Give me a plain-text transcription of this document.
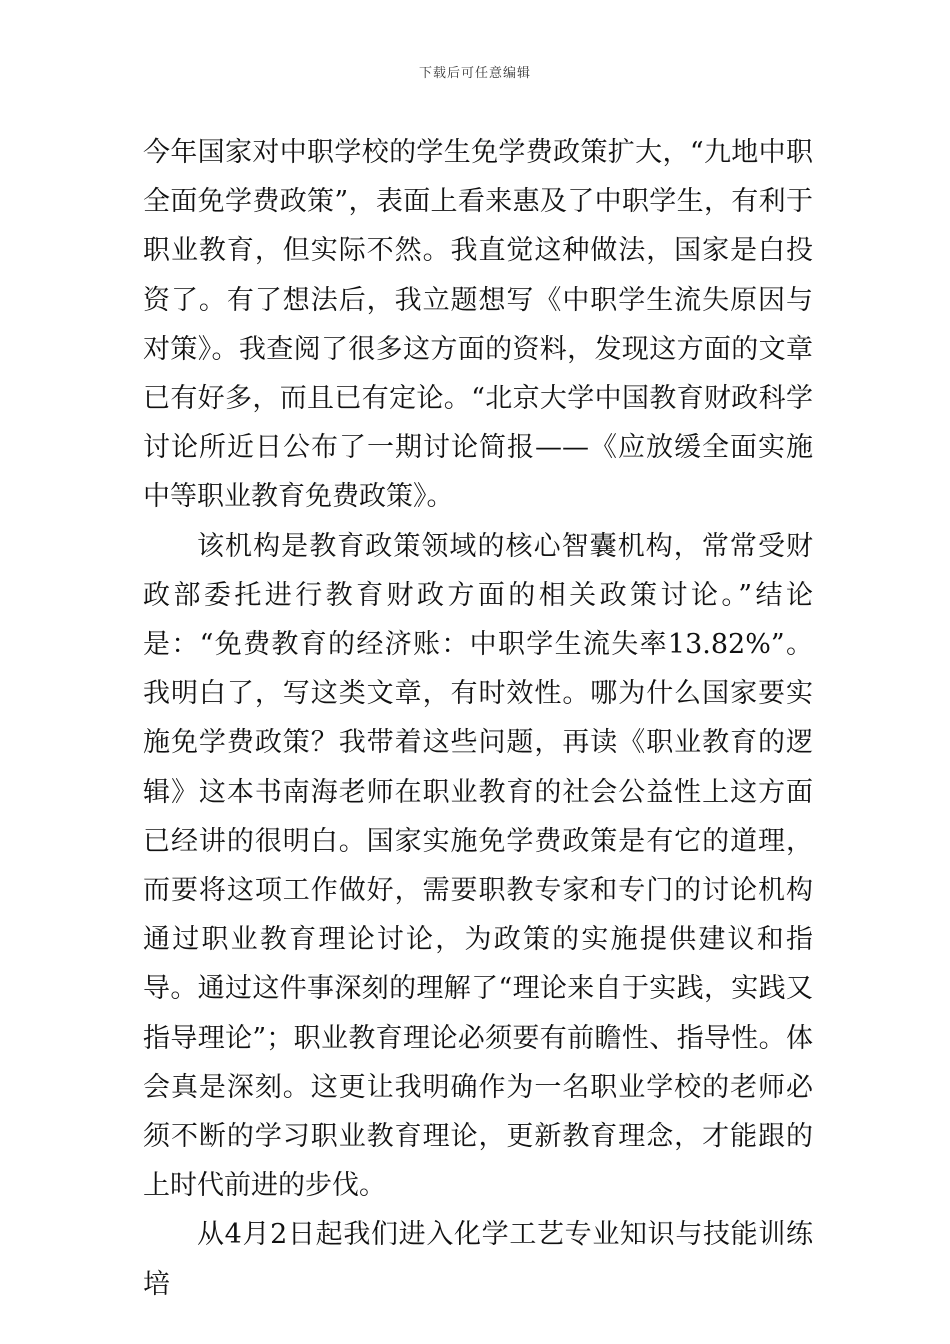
下载后可任意编辑

今年国家对中职学校的学生免学费政策扩大，“九地中职全面免学费政策”，表面上看来惠及了中职学生，有利于职业教育，但实际不然。我直觉这种做法，国家是白投资了。有了想法后，我立题想写《中职学生流失原因与对策》。我查阅了很多这方面的资料，发现这方面的文章已有好多，而且已有定论。“北京大学中国教育财政科学讨论所近日公布了一期讨论简报——《应放缓全面实施中等职业教育免费政策》。

该机构是教育政策领域的核心智囊机构，常常受财政部委托进行教育财政方面的相关政策讨论。”结论是：“免费教育的经济账：中职学生流失率13.82%”。我明白了，写这类文章，有时效性。哪为什么国家要实施免学费政策？我带着这些问题，再读《职业教育的逻辑》这本书南海老师在职业教育的社会公益性上这方面已经讲的很明白。国家实施免学费政策是有它的道理，而要将这项工作做好，需要职教专家和专门的讨论机构通过职业教育理论讨论，为政策的实施提供建议和指导。通过这件事深刻的理解了“理论来自于实践，实践又指导理论”；职业教育理论必须要有前瞻性、指导性。体会真是深刻。这更让我明确作为一名职业学校的老师必须不断的学习职业教育理论，更新教育理念，才能跟的上时代前进的步伐。

从4月2日起我们进入化学工艺专业知识与技能训练培
